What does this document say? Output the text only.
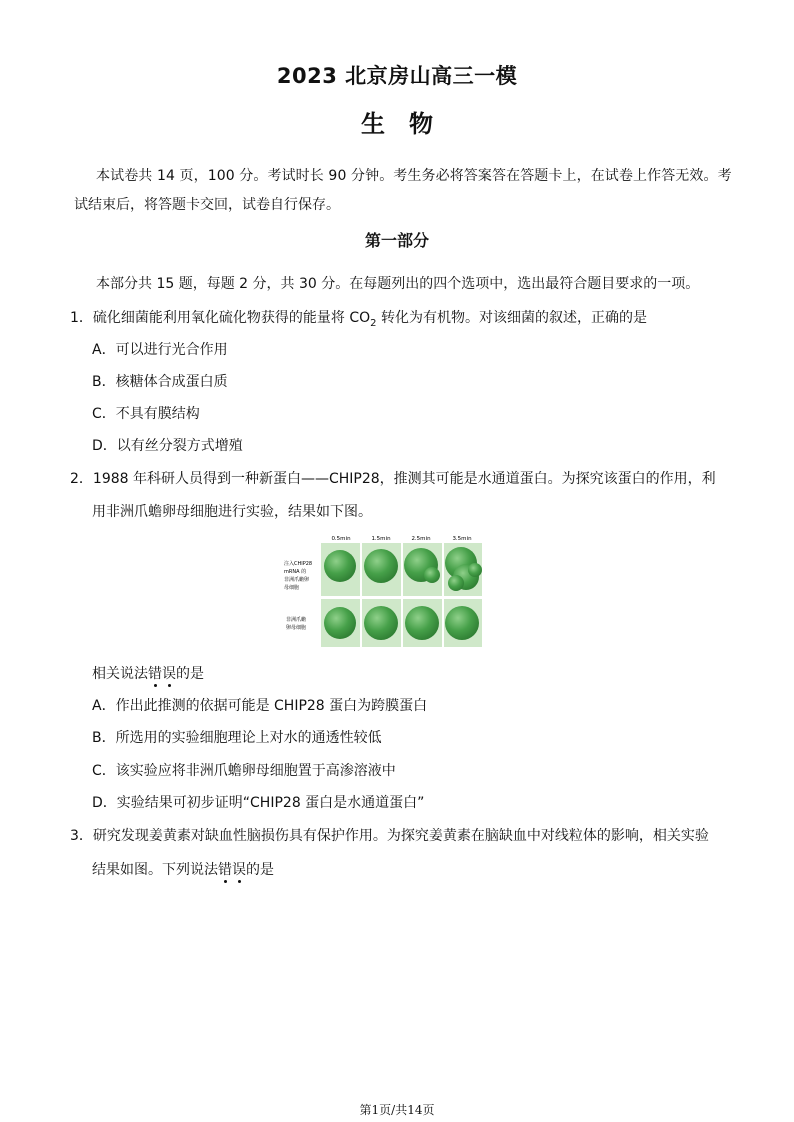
2023 北京房山高三一模
生　物
本试卷共 14 页，100 分。考试时长 90 分钟。考生务必将答案答在答题卡上，在试卷上作答无效。考
试结束后，将答题卡交回，试卷自行保存。
第一部分
本部分共 15 题，每题 2 分，共 30 分。在每题列出的四个选项中，选出最符合题目要求的一项。
1．硫化细菌能利用氧化硫化物获得的能量将 $CO_2$ 转化为有机物。对该细菌的叙述，正确的是
A．可以进行光合作用
B．核糖体合成蛋白质
C．不具有膜结构
D．以有丝分裂方式增殖
2．1988 年科研人员得到一种新蛋白——CHIP28，推测其可能是水通道蛋白。为探究该蛋白的作用，利
用非洲爪蟾卵母细胞进行实验，结果如下图。
0.5min	1.5min	2.5min	3.5min
注入CHIP28
mRNA 的
非洲爪蟾卵
母细胞
非洲爪蟾
卵母细胞
相关说法错误的是
A．作出此推测的依据可能是 CHIP28 蛋白为跨膜蛋白
B．所选用的实验细胞理论上对水的通透性较低
C．该实验应将非洲爪蟾卵母细胞置于高渗溶液中
D．实验结果可初步证明“CHIP28 蛋白是水通道蛋白”
3．研究发现姜黄素对缺血性脑损伤具有保护作用。为探究姜黄素在脑缺血中对线粒体的影响，相关实验
结果如图。下列说法错误的是
第1页/共14页
